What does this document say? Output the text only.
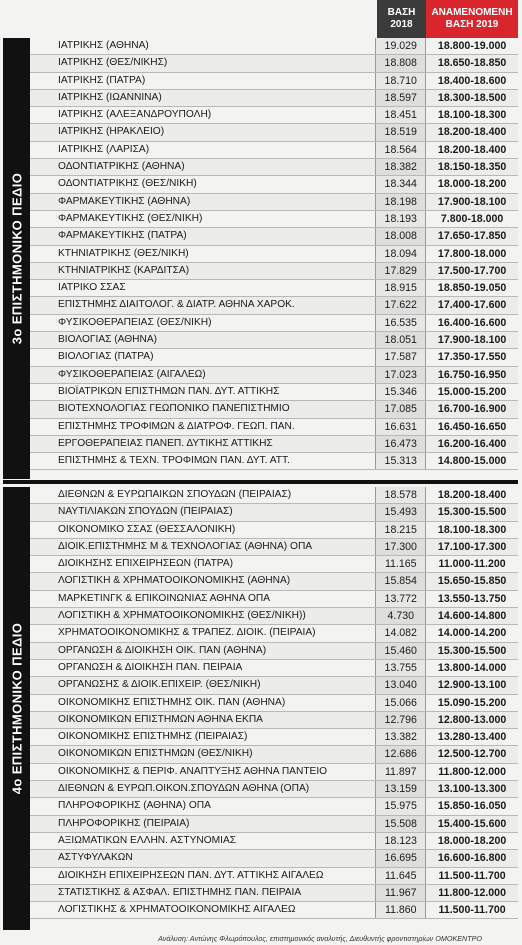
ΒΑΣΗ
2018
ΑΝΑΜΕΝΟΜΕΝΗ
ΒΑΣΗ 2019
3ο ΕΠΙΣΤΗΜΟΝΙΚΟ ΠΕΔΙΟ
ΙΑΤΡΙΚΗΣ (ΑΘΗΝΑ)	19.029	18.800-19.000
ΙΑΤΡΙΚΗΣ (ΘΕΣ/ΝΙΚΗΣ)	18.808	18.650-18.850
ΙΑΤΡΙΚΗΣ (ΠΑΤΡΑ)	18.710	18.400-18.600
ΙΑΤΡΙΚΗΣ (ΙΩΑΝΝΙΝΑ)	18.597	18.300-18.500
ΙΑΤΡΙΚΗΣ (ΑΛΕΞΑΝΔΡΟΥΠΟΛΗ)	18.451	18.100-18.300
ΙΑΤΡΙΚΗΣ (ΗΡΑΚΛΕΙΟ)	18.519	18.200-18.400
ΙΑΤΡΙΚΗΣ (ΛΑΡΙΣΑ)	18.564	18.200-18.400
ΟΔΟΝΤΙΑΤΡΙΚΗΣ (ΑΘΗΝΑ)	18.382	18.150-18.350
ΟΔΟΝΤΙΑΤΡΙΚΗΣ (ΘΕΣ/ΝΙΚΗ)	18.344	18.000-18.200
ΦΑΡΜΑΚΕΥΤΙΚΗΣ (ΑΘΗΝΑ)	18.198	17.900-18.100
ΦΑΡΜΑΚΕΥΤΙΚΗΣ (ΘΕΣ/ΝΙΚΗ)	18.193	7.800-18.000
ΦΑΡΜΑΚΕΥΤΙΚΗΣ (ΠΑΤΡΑ)	18.008	17.650-17.850
ΚΤΗΝΙΑΤΡΙΚΗΣ (ΘΕΣ/ΝΙΚΗ)	18.094	17.800-18.000
ΚΤΗΝΙΑΤΡΙΚΗΣ (ΚΑΡΔΙΤΣΑ)	17.829	17.500-17.700
ΙΑΤΡΙΚΟ ΣΣΑΣ	18.915	18.850-19.050
ΕΠΙΣΤΗΜΗΣ ΔΙΑΙΤΟΛΟΓ. & ΔΙΑΤΡ. ΑΘΗΝΑ ΧΑΡΟΚ.	17.622	17.400-17.600
ΦΥΣΙΚΟΘΕΡΑΠΕΙΑΣ (ΘΕΣ/ΝΙΚΗ)	16.535	16.400-16.600
ΒΙΟΛΟΓΙΑΣ (ΑΘΗΝΑ)	18.051	17.900-18.100
ΒΙΟΛΟΓΙΑΣ (ΠΑΤΡΑ)	17.587	17.350-17.550
ΦΥΣΙΚΟΘΕΡΑΠΕΙΑΣ (ΑΙΓΑΛΕΩ)	17.023	16.750-16.950
ΒΙΟΪΑΤΡΙΚΩΝ ΕΠΙΣΤΗΜΩΝ ΠΑΝ. ΔΥΤ. ΑΤΤΙΚΗΣ	15.346	15.000-15.200
ΒΙΟΤΕΧΝΟΛΟΓΙΑΣ ΓΕΩΠΟΝΙΚΟ ΠΑΝΕΠΙΣΤΗΜΙΟ	17.085	16.700-16.900
ΕΠΙΣΤΗΜΗΣ ΤΡΟΦΙΜΩΝ & ΔΙΑΤΡΟΦ. ΓΕΩΠ. ΠΑΝ.	16.631	16.450-16.650
ΕΡΓΟΘΕΡΑΠΕΙΑΣ ΠΑΝΕΠ. ΔΥΤΙΚΗΣ ΑΤΤΙΚΗΣ	16.473	16.200-16.400
ΕΠΙΣΤΗΜΗΣ & ΤΕΧΝ. ΤΡΟΦΙΜΩΝ ΠΑΝ. ΔΥΤ. ΑΤΤ.	15.313	14.800-15.000
4ο ΕΠΙΣΤΗΜΟΝΙΚΟ ΠΕΔΙΟ
ΔΙΕΘΝΩΝ & ΕΥΡΩΠΑΙΚΩΝ ΣΠΟΥΔΩΝ (ΠΕΙΡΑΙΑΣ)	18.578	18.200-18.400
ΝΑΥΤΙΛΙΑΚΩΝ ΣΠΟΥΔΩΝ (ΠΕΙΡΑΙΑΣ)	15.493	15.300-15.500
ΟΙΚΟΝΟΜΙΚΟ ΣΣΑΣ (ΘΕΣΣΑΛΟΝΙΚΗ)	18.215	18.100-18.300
ΔΙΟΙΚ.ΕΠΙΣΤΗΜΗΣ Μ & ΤΕΧΝΟΛΟΓΙΑΣ (ΑΘΗΝΑ) ΟΠΑ	17.300	17.100-17.300
ΔΙΟΙΚΗΣΗΣ ΕΠΙΧΕΙΡΗΣΕΩΝ (ΠΑΤΡΑ)	11.165	11.000-11.200
ΛΟΓΙΣΤΙΚΗ & ΧΡΗΜΑΤΟΟΙΚΟΝΟΜΙΚΗΣ (ΑΘΗΝΑ)	15.854	15.650-15.850
ΜΑΡΚΕΤΙΝΓΚ & ΕΠΙΚΟΙΝΩΝΙΑΣ ΑΘΗΝΑ ΟΠΑ	13.772	13.550-13.750
ΛΟΓΙΣΤΙΚΗ & ΧΡΗΜΑΤΟΟΙΚΟΝΟΜΙΚΗΣ (ΘΕΣ/ΝΙΚΗ))	4.730	14.600-14.800
ΧΡΗΜΑΤΟΟΙΚΟΝΟΜΙΚΗΣ & ΤΡΑΠΕΖ. ΔΙΟΙΚ. (ΠΕΙΡΑΙΑ)	14.082	14.000-14.200
ΟΡΓΑΝΩΣΗ & ΔΙΟΙΚΗΣΗ ΟΙΚ. ΠΑΝ (ΑΘΗΝΑ)	15.460	15.300-15.500
ΟΡΓΑΝΩΣΗ & ΔΙΟΙΚΗΣΗ ΠΑΝ. ΠΕΙΡΑΙΑ	13.755	13.800-14.000
ΟΡΓΑΝΩΣΗΣ & ΔΙΟΙΚ.ΕΠΙΧΕΙΡ. (ΘΕΣ/ΝΙΚΗ)	13.040	12.900-13.100
ΟΙΚΟΝΟΜΙΚΗΣ ΕΠΙΣΤΗΜΗΣ ΟΙΚ. ΠΑΝ (ΑΘΗΝΑ)	15.066	15.090-15.200
ΟΙΚΟΝΟΜΙΚΩΝ ΕΠΙΣΤΗΜΩΝ ΑΘΗΝΑ ΕΚΠΑ	12.796	12.800-13.000
ΟΙΚΟΝΟΜΙΚΗΣ ΕΠΙΣΤΗΜΗΣ (ΠΕΙΡΑΙΑΣ)	13.382	13.280-13.400
ΟΙΚΟΝΟΜΙΚΩΝ ΕΠΙΣΤΗΜΩΝ (ΘΕΣ/ΝΙΚΗ)	12.686	12.500-12.700
ΟΙΚΟΝΟΜΙΚΗΣ & ΠΕΡΙΦ. ΑΝΑΠΤΥΞΗΣ ΑΘΗΝΑ ΠΑΝΤΕΙΟ	11.897	11.800-12.000
ΔΙΕΘΝΩΝ & ΕΥΡΩΠ.ΟΙΚΟΝ.ΣΠΟΥΔΩΝ ΑΘΗΝΑ (ΟΠΑ)	13.159	13.100-13.300
ΠΛΗΡΟΦΟΡΙΚΗΣ (ΑΘΗΝΑ) ΟΠΑ	15.975	15.850-16.050
ΠΛΗΡΟΦΟΡΙΚΗΣ (ΠΕΙΡΑΙΑ)	15.508	15.400-15.600
ΑΞΙΩΜΑΤΙΚΩΝ ΕΛΛΗΝ. ΑΣΤΥΝΟΜΙΑΣ	18.123	18.000-18.200
ΑΣΤΥΦΥΛΑΚΩΝ	16.695	16.600-16.800
ΔΙΟΙΚΗΣΗ ΕΠΙΧΕΙΡΗΣΕΩΝ ΠΑΝ. ΔΥΤ. ΑΤΤΙΚΗΣ ΑΙΓΑΛΕΩ	11.645	11.500-11.700
ΣΤΑΤΙΣΤΙΚΗΣ & ΑΣΦΑΛ. ΕΠΙΣΤΗΜΗΣ ΠΑΝ. ΠΕΙΡΑΙΑ	11.967	11.800-12.000
ΛΟΓΙΣΤΙΚΗΣ & ΧΡΗΜΑΤΟΟΙΚΟΝΟΜΙΚΗΣ ΑΙΓΑΛΕΩ	11.860	11.500-11.700
Ανάλυση: Αντώνης Φλωρόπουλος, επιστημονικός αναλυτής, Διευθυντής φροντιστηρίων ΟΜΟΚΕΝΤΡΟ
